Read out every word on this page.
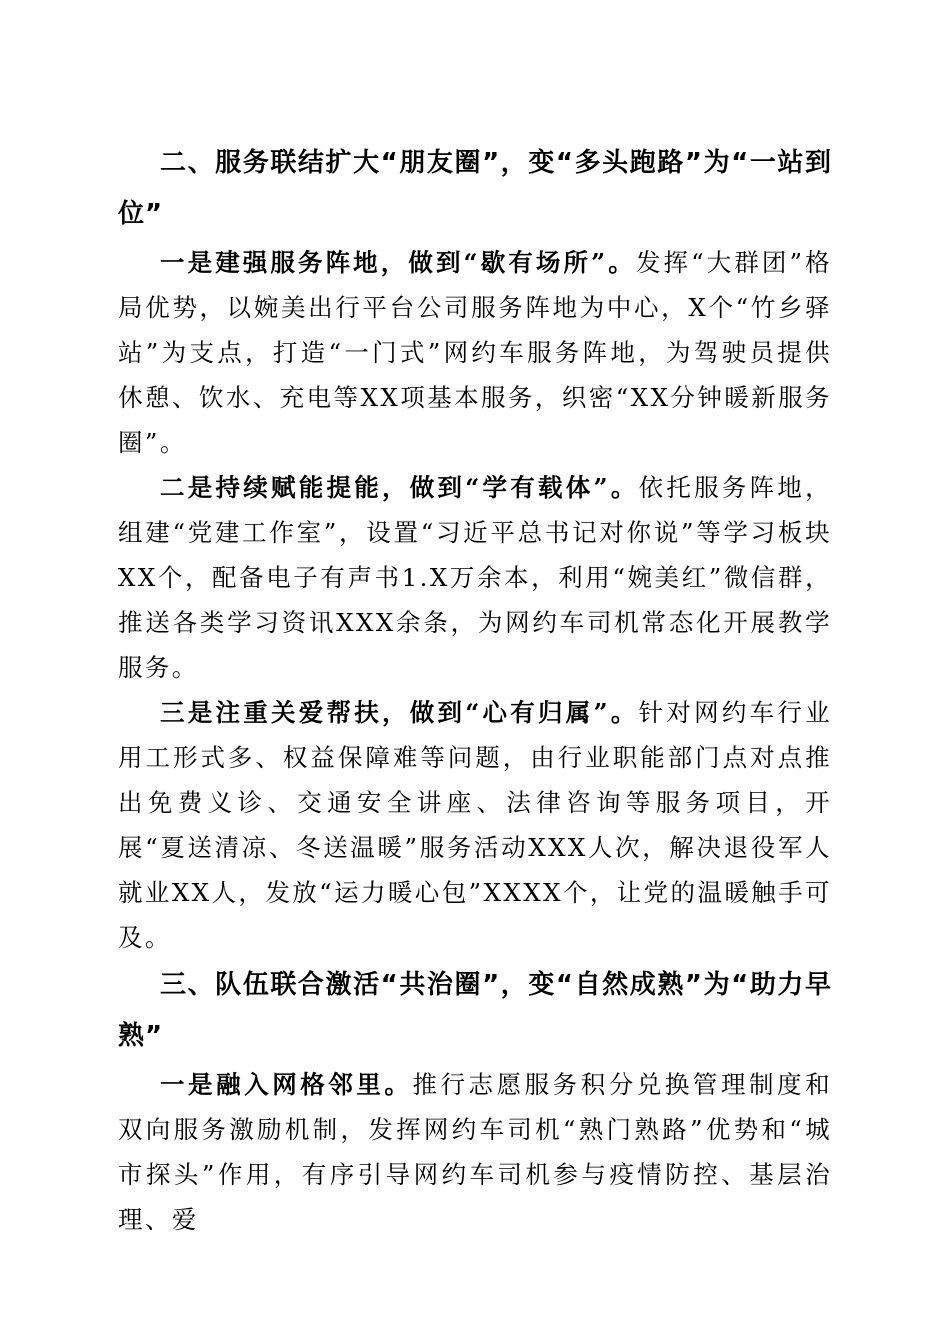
二、服务联结扩大“朋友圈”，变“多头跑路”为“一站到位”

一是建强服务阵地，做到“歇有场所”。发挥“大群团”格局优势，以婉美出行平台公司服务阵地为中心，X个“竹乡驿站”为支点，打造“一门式”网约车服务阵地，为驾驶员提供休憩、饮水、充电等XX项基本服务，织密“XX分钟暖新服务圈”。

二是持续赋能提能，做到“学有载体”。依托服务阵地，组建“党建工作室”，设置“习近平总书记对你说”等学习板块XX个，配备电子有声书1.X万余本，利用“婉美红”微信群，推送各类学习资讯XXX余条，为网约车司机常态化开展教学服务。

三是注重关爱帮扶，做到“心有归属”。针对网约车行业用工形式多、权益保障难等问题，由行业职能部门点对点推出免费义诊、交通安全讲座、法律咨询等服务项目，开展“夏送清凉、冬送温暖”服务活动XXX人次，解决退役军人就业XX人，发放“运力暖心包”XXXX个，让党的温暖触手可及。

三、队伍联合激活“共治圈”，变“自然成熟”为“助力早熟”

一是融入网格邻里。推行志愿服务积分兑换管理制度和双向服务激励机制，发挥网约车司机“熟门熟路”优势和“城市探头”作用，有序引导网约车司机参与疫情防控、基层治理、爱
